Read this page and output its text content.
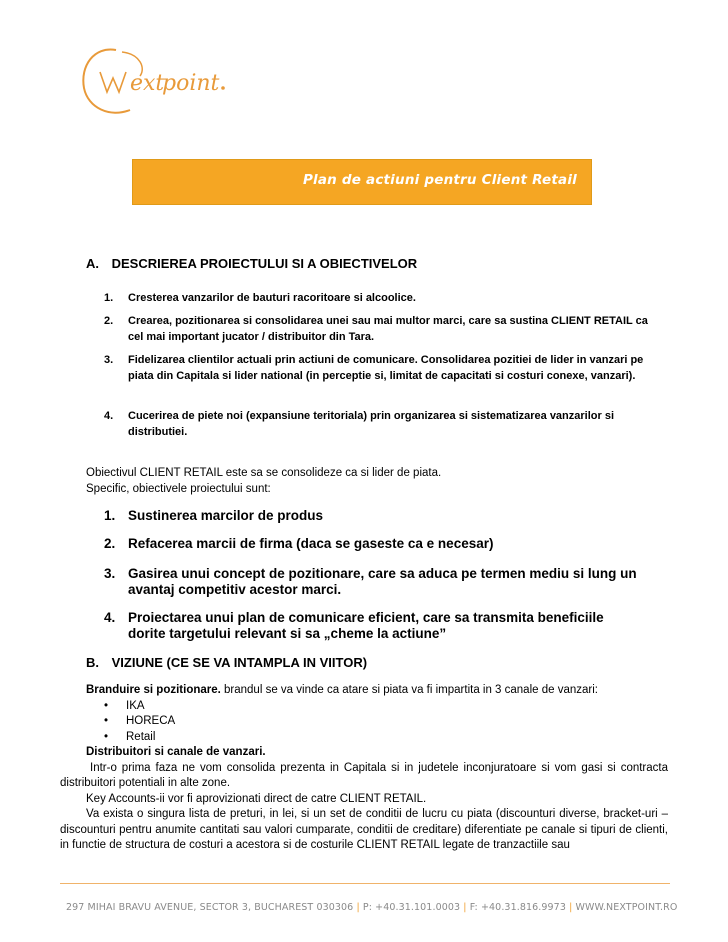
ext
point
Plan de actiuni pentru Client Retail
A. DESCRIEREA PROIECTULUI SI A OBIECTIVELOR
1.	Cresterea vanzarilor de bauturi racoritoare si alcoolice.
2.	Crearea, pozitionarea si consolidarea unei sau mai multor marci, care sa sustina CLIENT RETAIL ca cel mai important jucator / distribuitor din Tara.
3.	Fidelizarea clientilor actuali prin actiuni de comunicare. Consolidarea pozitiei de lider in vanzari pe piata din Capitala si lider national (in perceptie si, limitat de capacitati si costuri conexe, vanzari).
4.	Cucerirea de piete noi (expansiune teritoriala) prin organizarea si sistematizarea vanzarilor si distributiei.
Obiectivul CLIENT RETAIL este sa se consolideze ca si lider de piata.
Specific, obiectivele proiectului sunt:
1. Sustinerea marcilor de produs
2. Refacerea marcii de firma (daca se gaseste ca e necesar)
3. Gasirea unui concept de pozitionare, care sa aduca pe termen mediu si lung un avantaj competitiv acestor marci.
4. Proiectarea unui plan de comunicare eficient, care sa transmita beneficiile dorite targetului relevant si sa „cheme la actiune”
B. VIZIUNE (CE SE VA INTAMPLA IN VIITOR)
Branduire si pozitionare. brandul se va vinde ca atare si piata va fi impartita in 3 canale de vanzari:
• IKA
• HORECA
• Retail
Distribuitori si canale de vanzari.
Intr-o prima faza ne vom consolida prezenta in Capitala si in judetele inconjuratoare si vom gasi si contracta distribuitori potentiali in alte zone.
Key Accounts-ii vor fi aprovizionati direct de catre CLIENT RETAIL.
Va exista o singura lista de preturi, in lei, si un set de conditii de lucru cu piata (discounturi diverse, bracket-uri – discounturi pentru anumite cantitati sau valori cumparate, conditii de creditare) diferentiate pe canale si tipuri de clienti, in functie de structura de costuri a acestora si de costurile CLIENT RETAIL legate de tranzactiile sau
297 MIHAI BRAVU AVENUE, SECTOR 3, BUCHAREST 030306 | P: +40.31.101.0003 | F: +40.31.816.9973 | WWW.NEXTPOINT.RO
